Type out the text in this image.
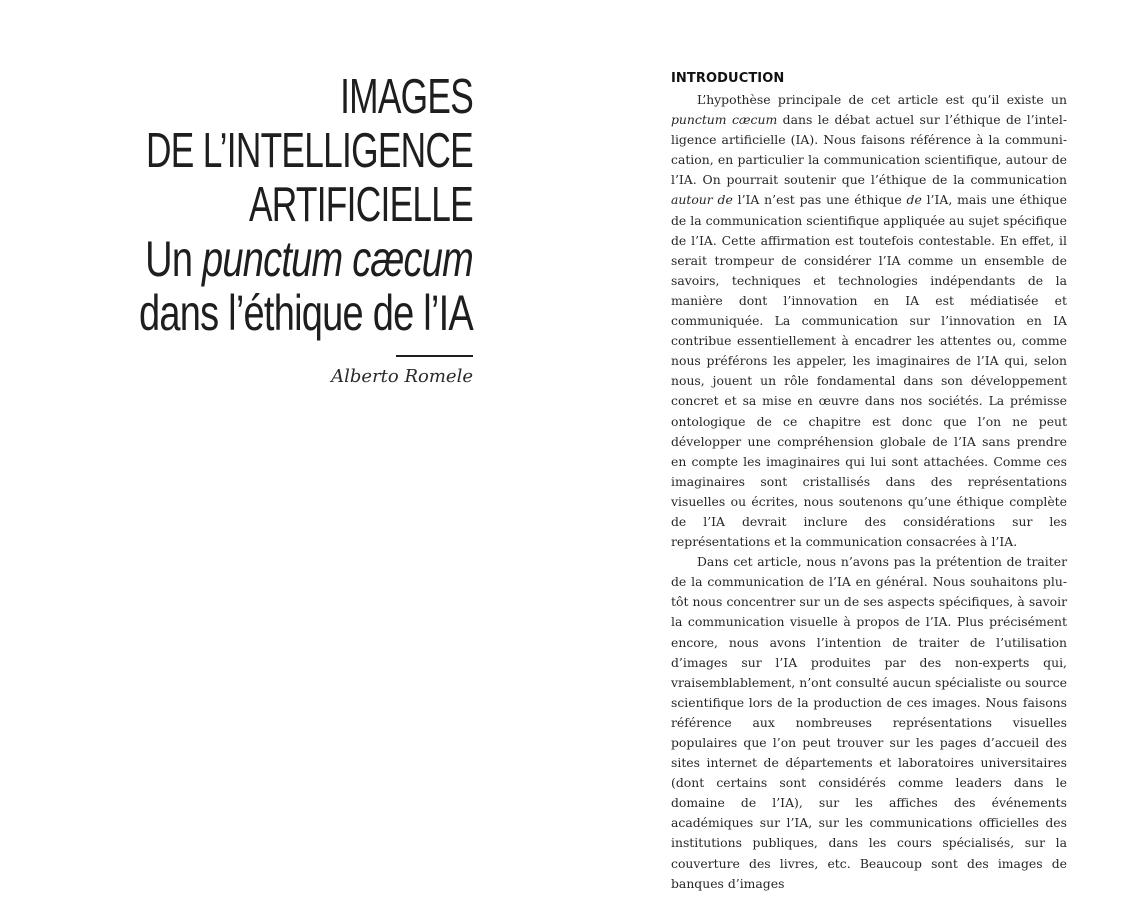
IMAGES
DE L’INTELLIGENCE
ARTIFICIELLE
Un punctum cæcum
dans l’éthique de l’IA
Alberto Romele
INTRODUCTION

L’hypothèse principale de cet article est qu’il existe un punctum cæcum dans le débat actuel sur l’éthique de l’intelligence artificielle (IA). Nous faisons référence à la communication, en particulier la communication scientifique, autour de l’IA. On pourrait soutenir que l’éthique de la communication autour de l’IA n’est pas une éthique de l’IA, mais une éthique de la communication scientifique appliquée au sujet spécifique de l’IA. Cette affirmation est toutefois contestable. En effet, il serait trompeur de considérer l’IA comme un ensemble de savoirs, techniques et technologies indépendants de la manière dont l’innovation en IA est médiatisée et communiquée. La communication sur l’innovation en IA contribue essentiellement à encadrer les attentes ou, comme nous préférons les appeler, les imaginaires de l’IA qui, selon nous, jouent un rôle fondamental dans son développement concret et sa mise en œuvre dans nos sociétés. La prémisse ontologique de ce chapitre est donc que l’on ne peut développer une compréhension globale de l’IA sans prendre en compte les imaginaires qui lui sont attachées. Comme ces imaginaires sont cristallisés dans des représentations visuelles ou écrites, nous soutenons qu’une éthique complète de l’IA devrait inclure des considérations sur les représentations et la communication consacrées à l’IA.

Dans cet article, nous n’avons pas la prétention de traiter de la communication de l’IA en général. Nous souhaitons plutôt nous concentrer sur un de ses aspects spécifiques, à savoir la communication visuelle à propos de l’IA. Plus précisément encore, nous avons l’intention de traiter de l’utilisation d’images sur l’IA produites par des non-experts qui, vraisemblablement, n’ont consulté aucun spécialiste ou source scientifique lors de la production de ces images. Nous faisons référence aux nombreuses représentations visuelles populaires que l’on peut trouver sur les pages d’accueil des sites internet de départements et laboratoires universitaires (dont certains sont considérés comme leaders dans le domaine de l’IA), sur les affiches des événements académiques sur l’IA, sur les communications officielles des institutions publiques, dans les cours spécialisés, sur la couverture des livres, etc. Beaucoup sont des images de banques d’images
